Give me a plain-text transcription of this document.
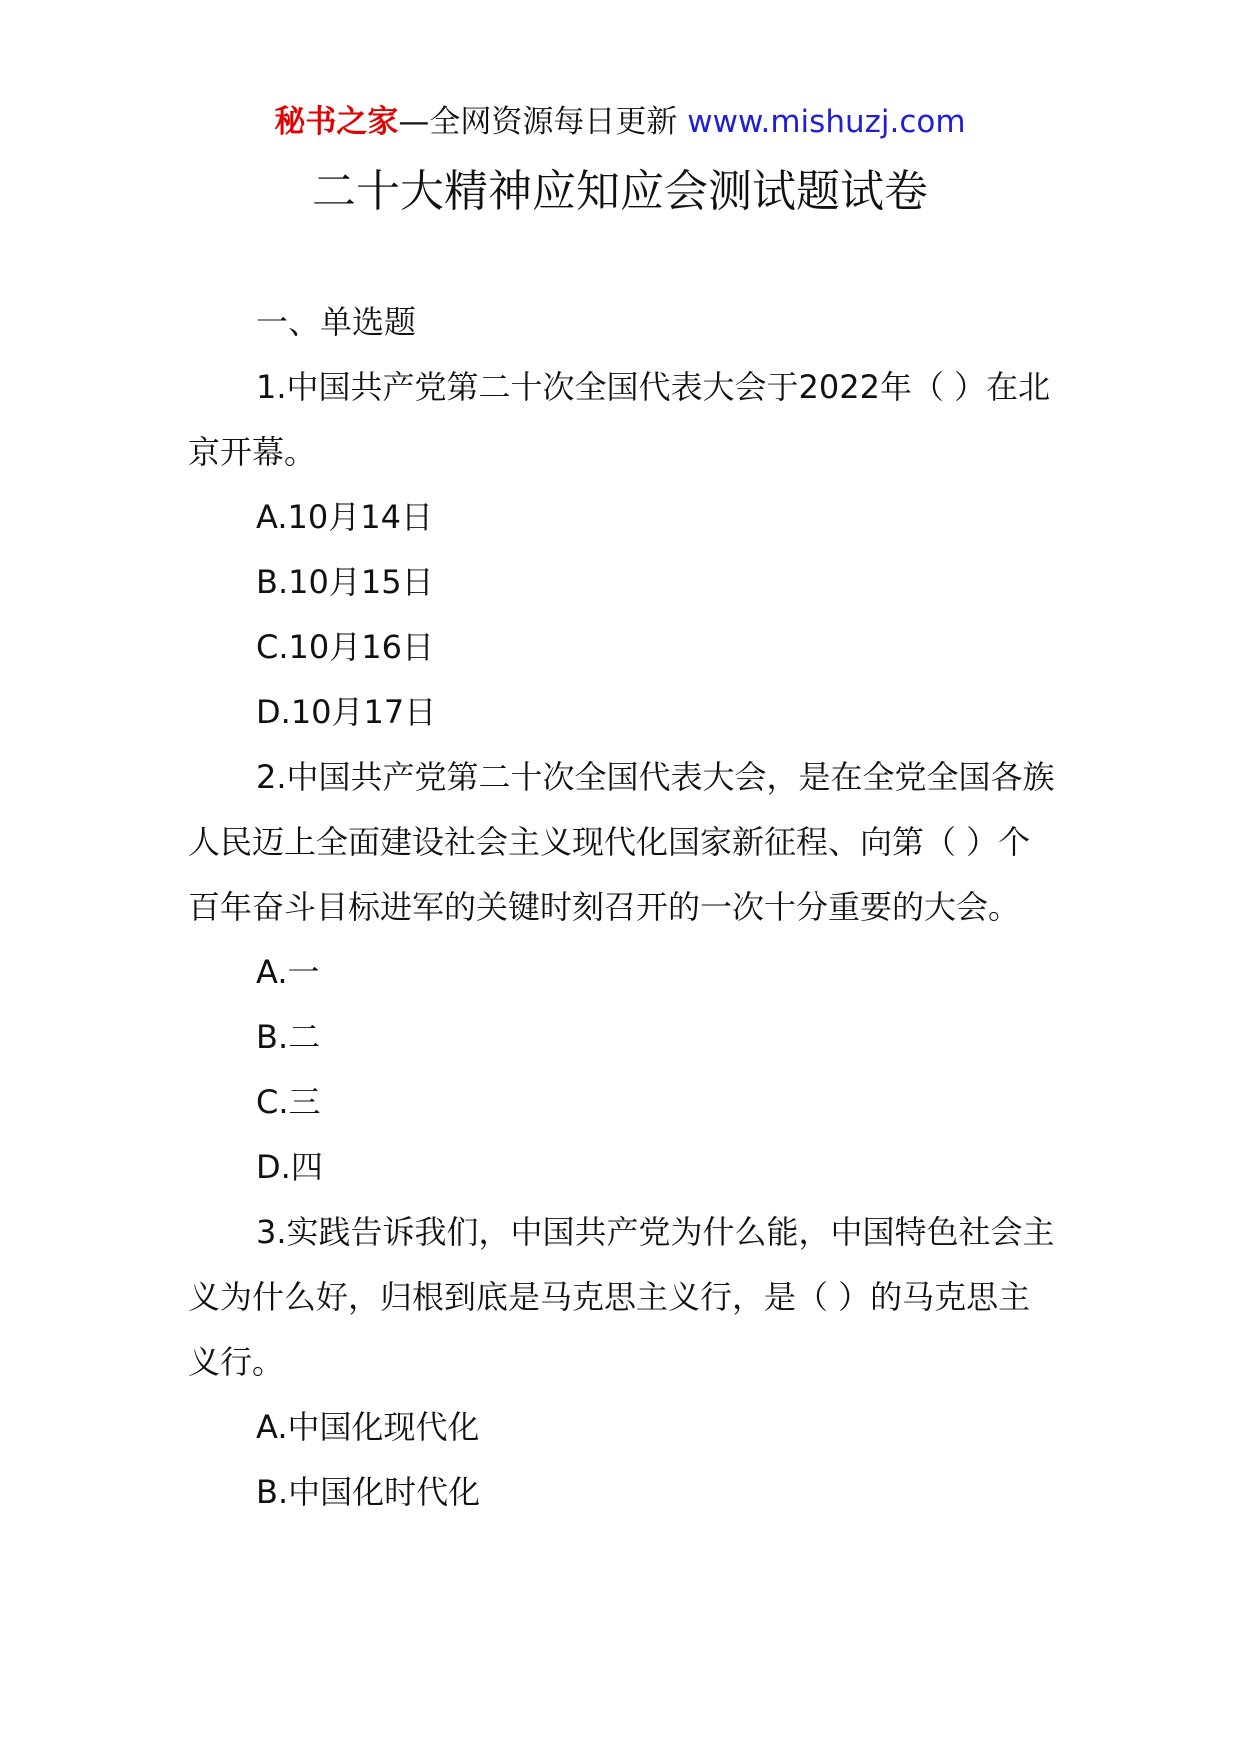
秘书之家—全网资源每日更新 www.mishuzj.com
二十大精神应知应会测试题试卷

一、单选题

1.中国共产党第二十次全国代表大会于2022年（ ）在北京开幕。

A.10月14日

B.10月15日

C.10月16日

D.10月17日

2.中国共产党第二十次全国代表大会，是在全党全国各族人民迈上全面建设社会主义现代化国家新征程、向第（ ）个百年奋斗目标进军的关键时刻召开的一次十分重要的大会。

A.一

B.二

C.三

D.四

3.实践告诉我们，中国共产党为什么能，中国特色社会主义为什么好，归根到底是马克思主义行，是（ ）的马克思主义行。

A.中国化现代化

B.中国化时代化
